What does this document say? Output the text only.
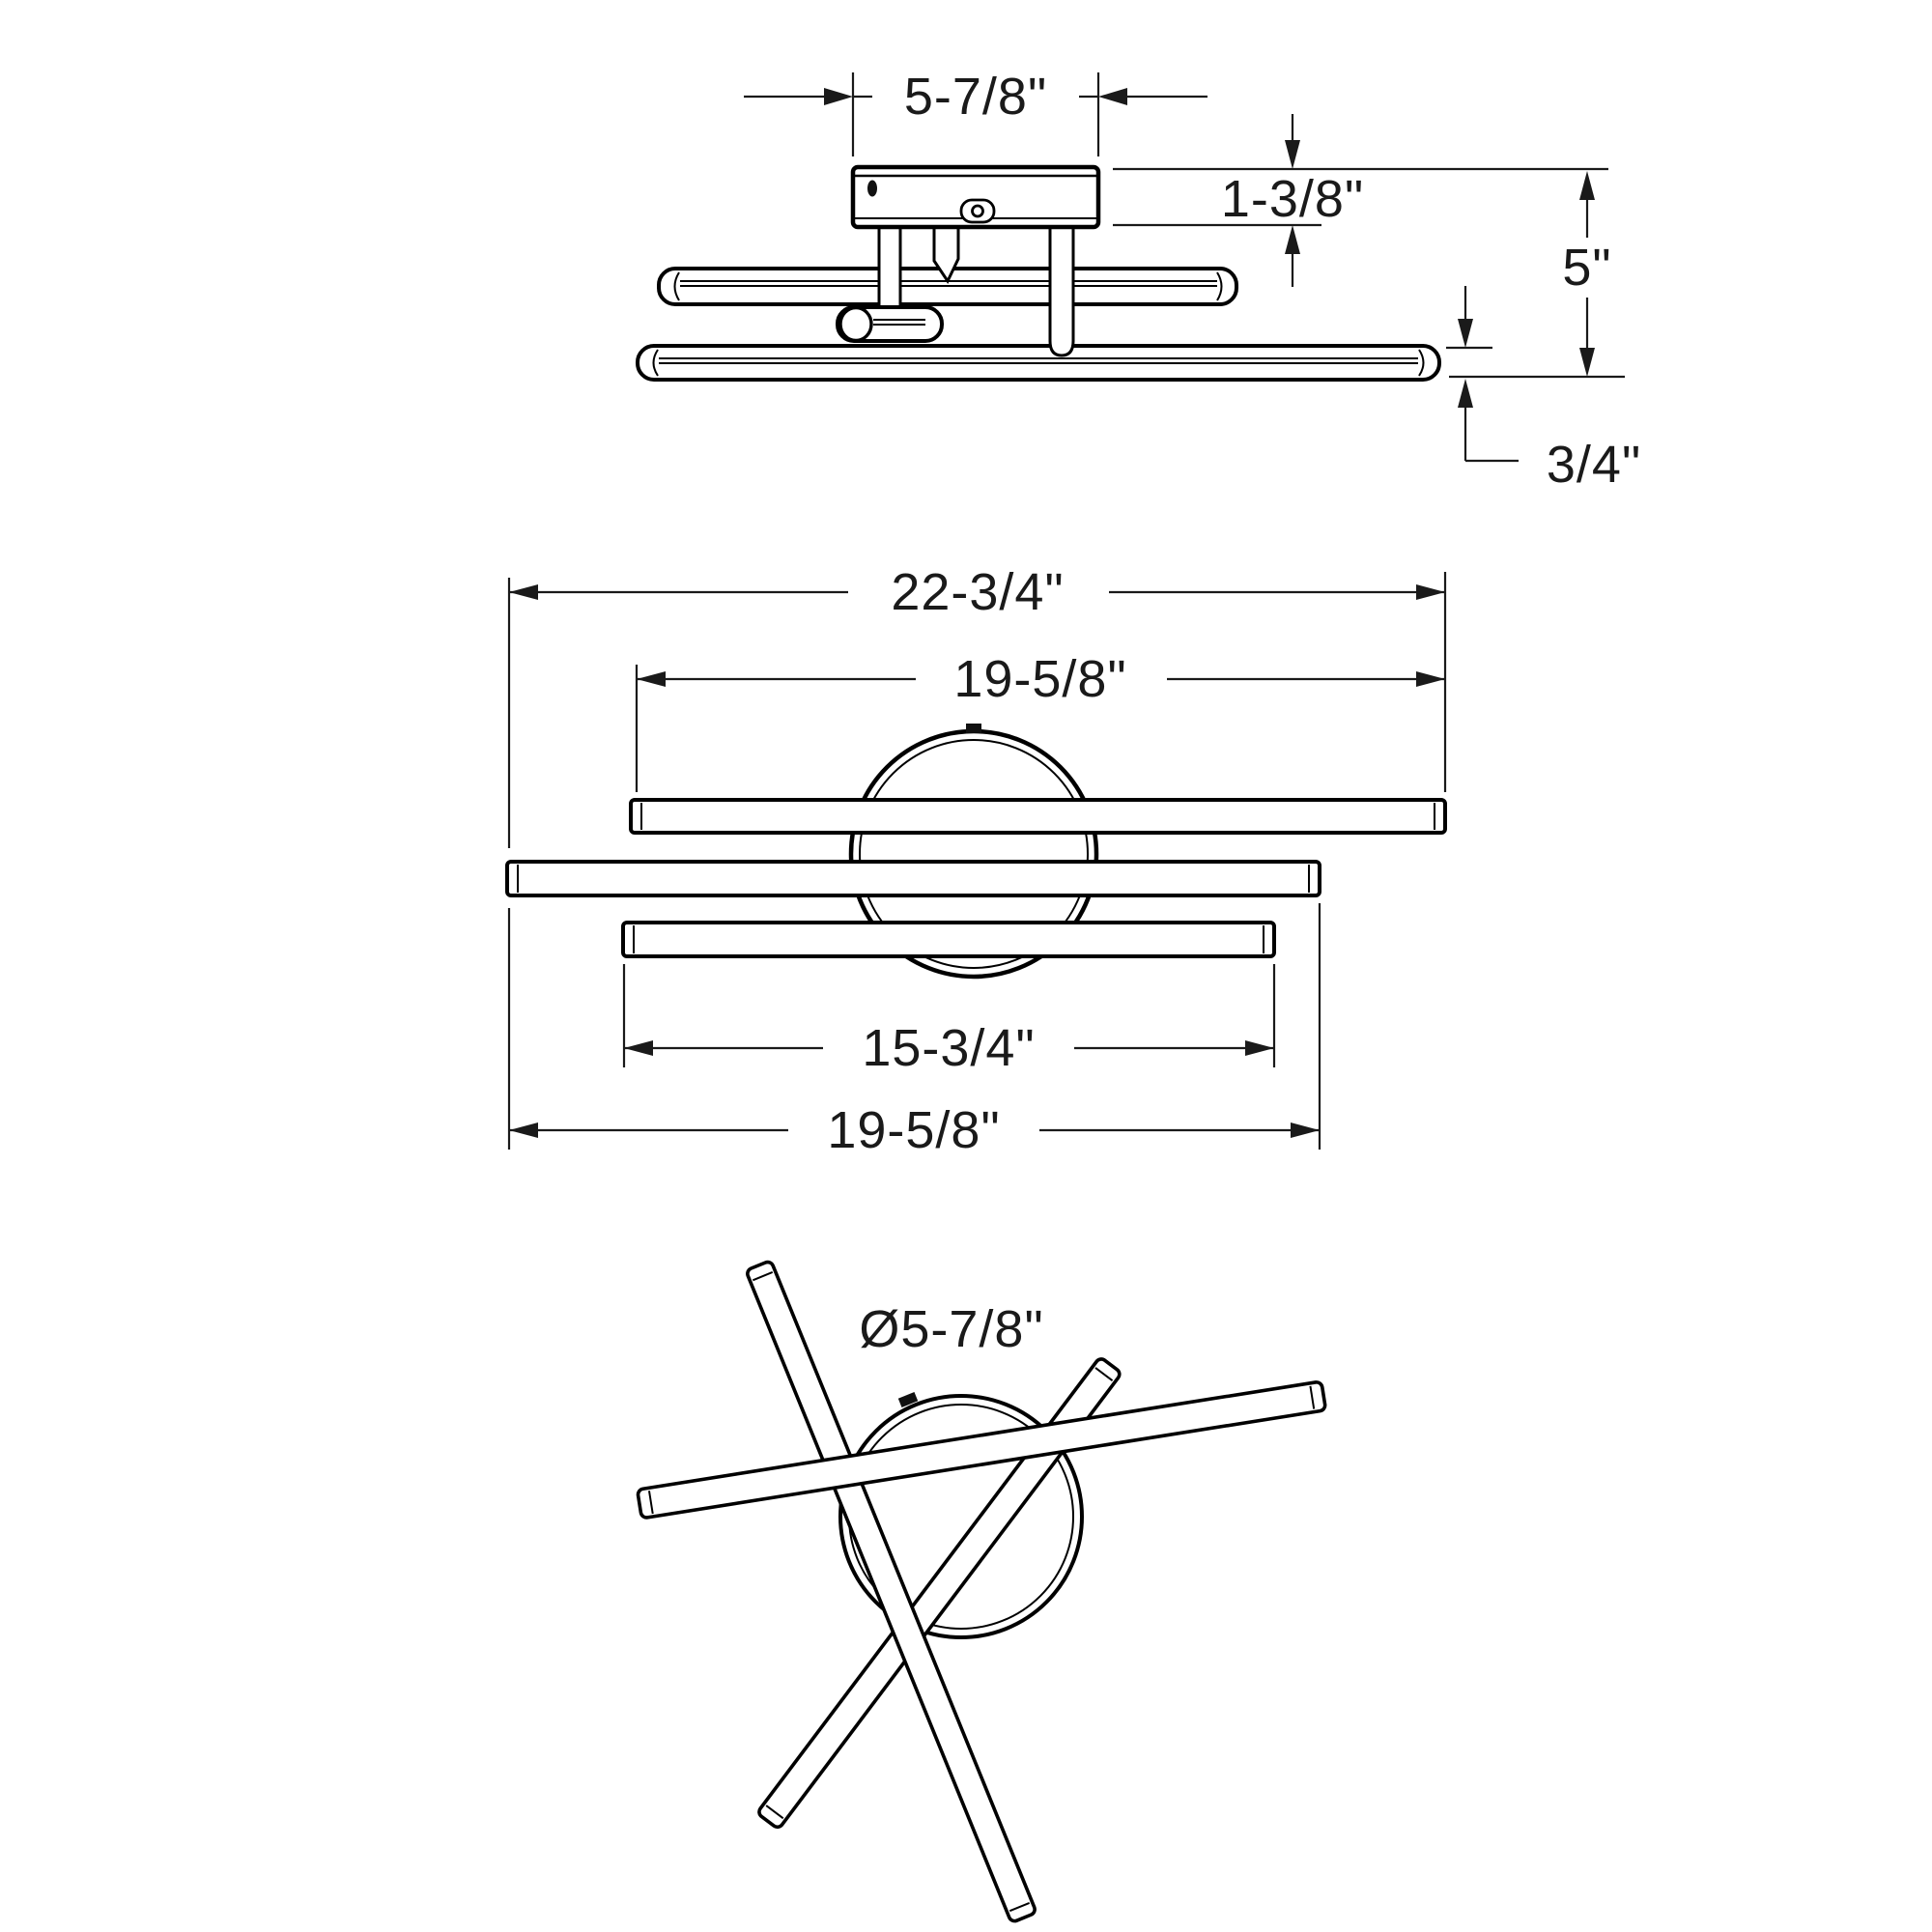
5-7/8"
1-3/8"
5"
3/4"
22-3/4"
19-5/8"
15-3/4"
19-5/8"
Ø5-7/8"
